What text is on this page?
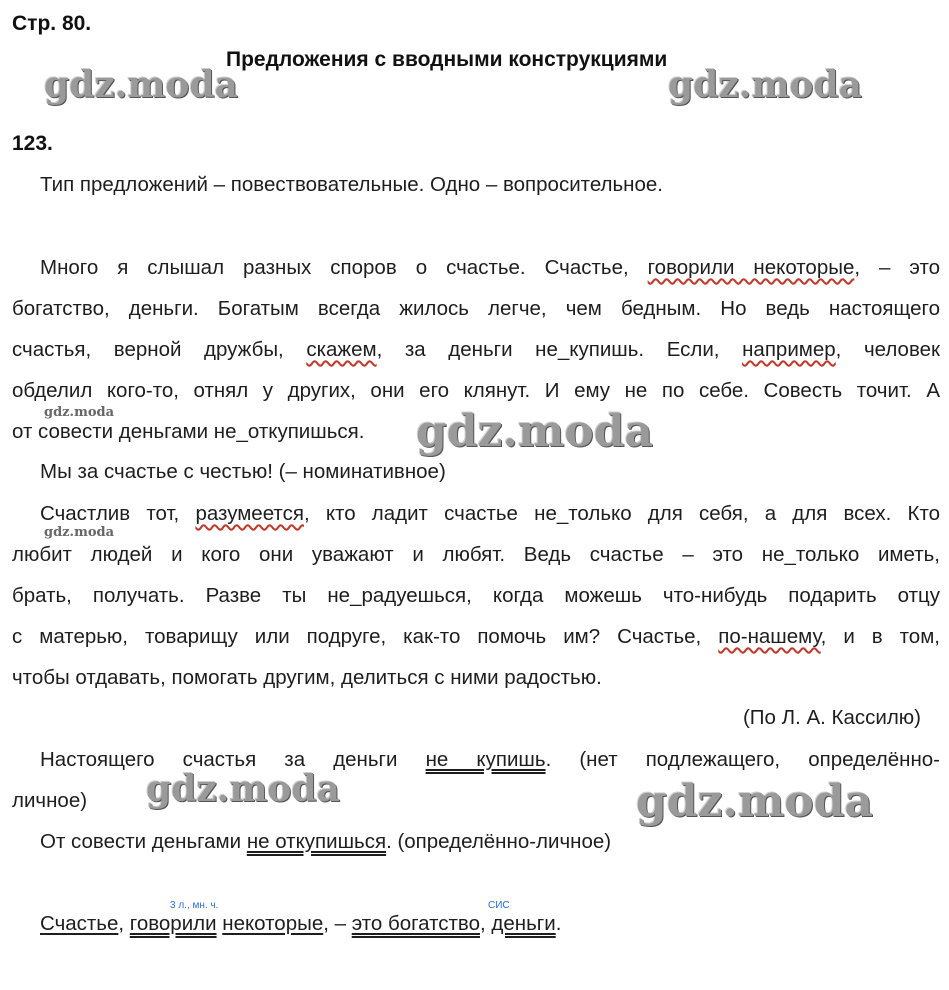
Стр. 80.
Предложения с вводными конструкциями
123.
Тип предложений – повествовательные. Одно – вопросительное.
Много я слышал разных споров о счастье. Счастье, говорили некоторые, – это
богатство, деньги. Богатым всегда жилось легче, чем бедным. Но ведь настоящего
счастья, верной дружбы, скажем, за деньги не_купишь. Если, например, человек
обделил кого-то, отнял у других, они его клянут. И ему не по себе. Совесть точит. А
от совести деньгами не_откупишься.
Мы за счастье с честью! (– номинативное)
Счастлив тот, разумеется, кто ладит счастье не_только для себя, а для всех. Кто
любит людей и кого они уважают и любят. Ведь счастье – это не_только иметь,
брать, получать. Разве ты не_радуешься, когда можешь что-нибудь подарить отцу
с матерью, товарищу или подруге, как-то помочь им? Счастье, по-нашему, и в том,
чтобы отдавать, помогать другим, делиться с ними радостью.
(По Л. А. Кассилю)
Настоящего счастья за деньги не купишь. (нет подлежащего, определённо-
личное)
От совести деньгами не откупишься. (определённо-личное)
3 л., мн. ч.	СИС
Счастье, говорили некоторые, – это богатство, деньги.
gdz.moda	gdz.moda
gdz.moda	gdz.moda
gdz.moda
gdz.moda	gdz.moda
